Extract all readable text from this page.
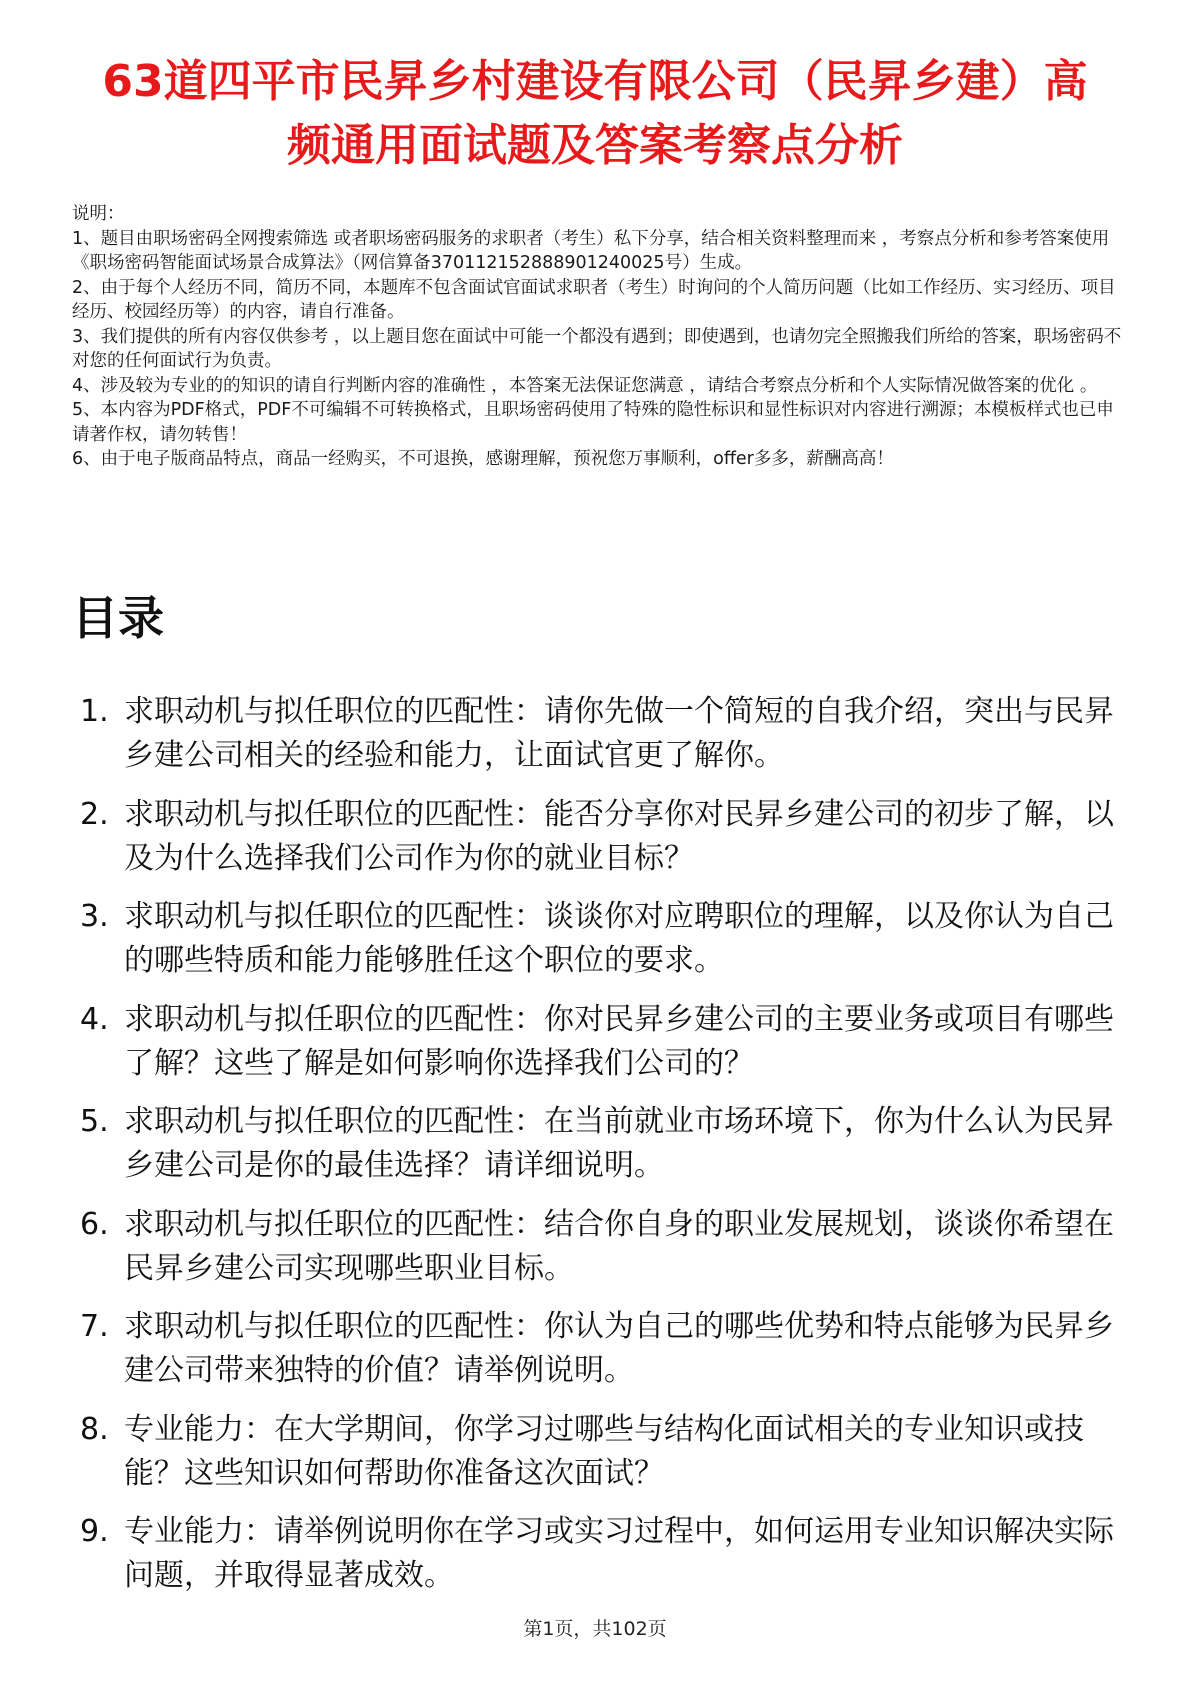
63道四平市民昇乡村建设有限公司（民昇乡建）高频通用面试题及答案考察点分析
说明：
1、题目由职场密码全网搜索筛选 或者职场密码服务的求职者（考生）私下分享，结合相关资料整理而来 ，考察点分析和参考答案使用《职场密码智能面试场景合成算法》（网信算备370112152888901240025号）生成。
2、由于每个人经历不同，简历不同，本题库不包含面试官面试求职者（考生）时询问的个人简历问题（比如工作经历、实习经历、项目经历、校园经历等）的内容，请自行准备。
3、我们提供的所有内容仅供参考 ，以上题目您在面试中可能一个都没有遇到；即使遇到，也请勿完全照搬我们所给的答案，职场密码不对您的任何面试行为负责。
4、涉及较为专业的的知识的请自行判断内容的准确性 ，本答案无法保证您满意 ，请结合考察点分析和个人实际情况做答案的优化 。
5、本内容为PDF格式，PDF不可编辑不可转换格式，且职场密码使用了特殊的隐性标识和显性标识对内容进行溯源；本模板样式也已申请著作权，请勿转售！
6、由于电子版商品特点，商品一经购买，不可退换，感谢理解，预祝您万事顺利，offer多多，薪酬高高！
目录
1. 求职动机与拟任职位的匹配性：请你先做一个简短的自我介绍，突出与民昇乡建公司相关的经验和能力，让面试官更了解你。
2. 求职动机与拟任职位的匹配性：能否分享你对民昇乡建公司的初步了解，以及为什么选择我们公司作为你的就业目标？
3. 求职动机与拟任职位的匹配性：谈谈你对应聘职位的理解，以及你认为自己的哪些特质和能力能够胜任这个职位的要求。
4. 求职动机与拟任职位的匹配性：你对民昇乡建公司的主要业务或项目有哪些了解？这些了解是如何影响你选择我们公司的？
5. 求职动机与拟任职位的匹配性：在当前就业市场环境下，你为什么认为民昇乡建公司是你的最佳选择？请详细说明。
6. 求职动机与拟任职位的匹配性：结合你自身的职业发展规划，谈谈你希望在民昇乡建公司实现哪些职业目标。
7. 求职动机与拟任职位的匹配性：你认为自己的哪些优势和特点能够为民昇乡建公司带来独特的价值？请举例说明。
8. 专业能力：在大学期间，你学习过哪些与结构化面试相关的专业知识或技能？这些知识如何帮助你准备这次面试？
9. 专业能力：请举例说明你在学习或实习过程中，如何运用专业知识解决实际问题，并取得显著成效。
第1页，共102页
